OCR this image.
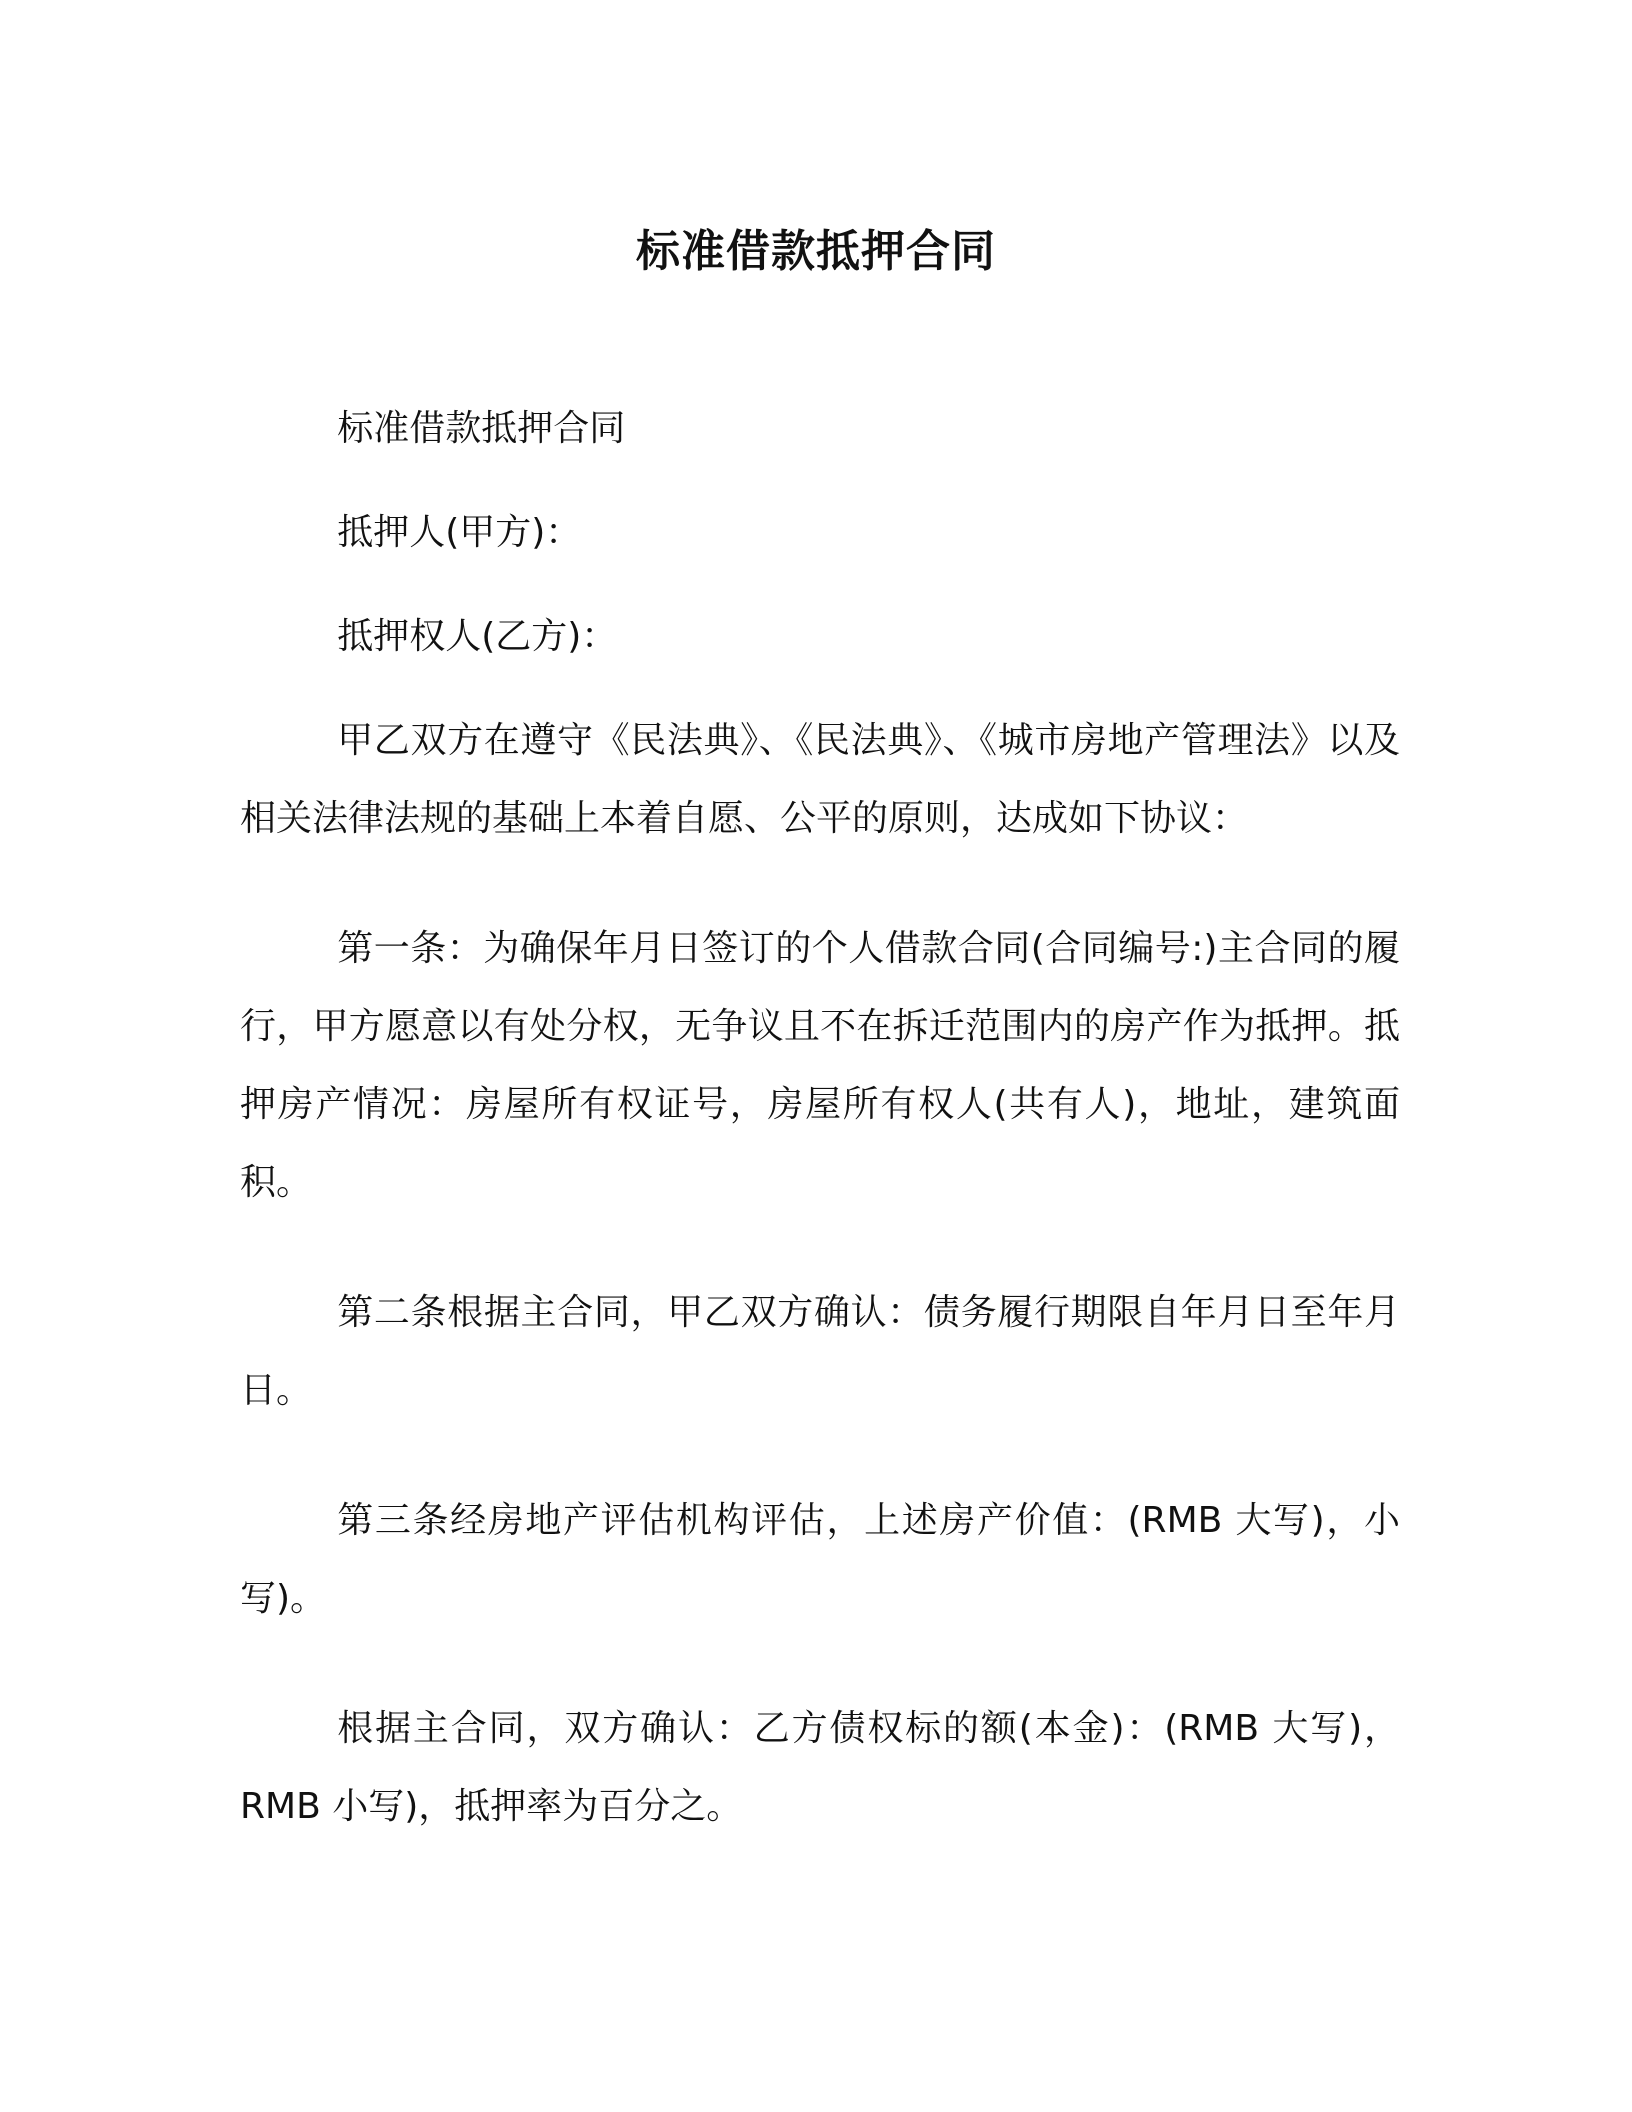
标准借款抵押合同

标准借款抵押合同

抵押人(甲方)：

抵押权人(乙方)：

甲乙双方在遵守《民法典》、《民法典》、《城市房地产管理法》以及相关法律法规的基础上本着自愿、公平的原则，达成如下协议：

第一条：为确保年月日签订的个人借款合同(合同编号:)主合同的履行，甲方愿意以有处分权，无争议且不在拆迁范围内的房产作为抵押。抵押房产情况：房屋所有权证号，房屋所有权人(共有人)，地址，建筑面积。

第二条根据主合同，甲乙双方确认：债务履行期限自年月日至年月日。

第三条经房地产评估机构评估，上述房产价值：(RMB 大写)，小写)。

根据主合同，双方确认：乙方债权标的额(本金)：(RMB 大写)，RMB 小写)，抵押率为百分之。
